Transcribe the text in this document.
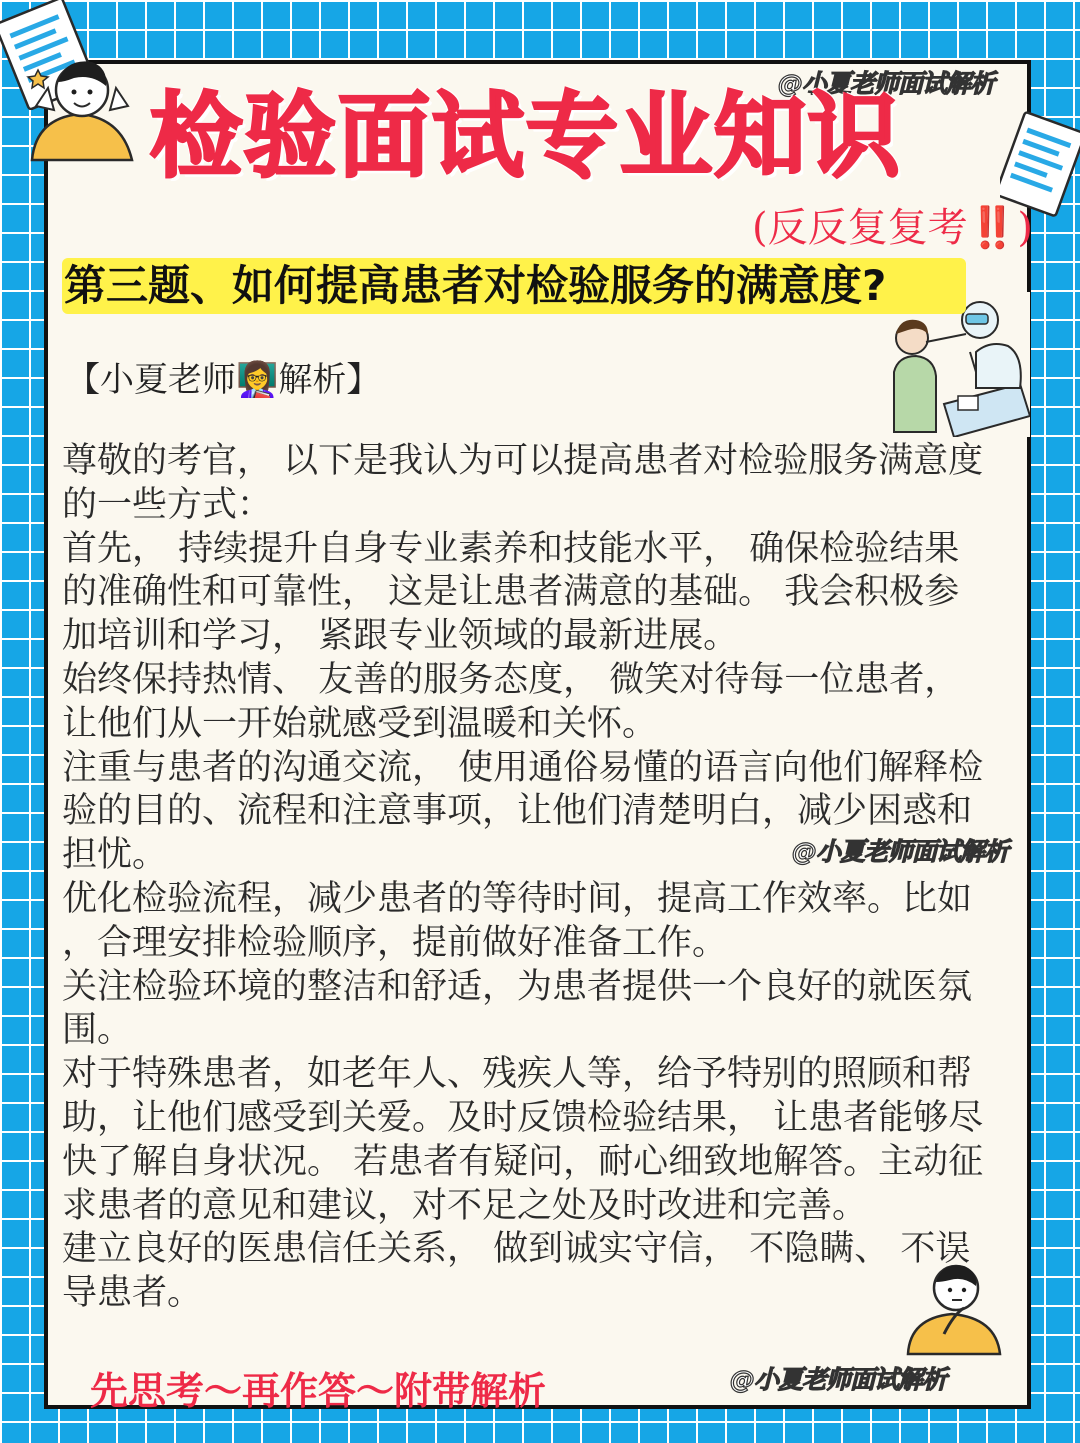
@小夏老师面试解析
@小夏老师面试解析
@小夏老师面试解析
检验面试专业知识
(反反复复考‼️)
第三题、如何提高患者对检验服务的满意度?
【小夏老师👩‍🏫解析】
尊敬的考官， 以下是我认为可以提高患者对检验服务满意度
的一些方式：
首先， 持续提升自身专业素养和技能水平， 确保检验结果
的准确性和可靠性， 这是让患者满意的基础。 我会积极参
加培训和学习， 紧跟专业领域的最新进展。
始终保持热情、 友善的服务态度， 微笑对待每一位患者，
让他们从一开始就感受到温暖和关怀。
注重与患者的沟通交流， 使用通俗易懂的语言向他们解释检
验的目的、流程和注意事项，让他们清楚明白，减少困惑和
担忧。
优化检验流程，减少患者的等待时间，提高工作效率。比如
，合理安排检验顺序，提前做好准备工作。
关注检验环境的整洁和舒适，为患者提供一个良好的就医氛
围。
对于特殊患者，如老年人、残疾人等，给予特别的照顾和帮
助，让他们感受到关爱。及时反馈检验结果， 让患者能够尽
快了解自身状况。 若患者有疑问，耐心细致地解答。主动征
求患者的意见和建议，对不足之处及时改进和完善。
建立良好的医患信任关系， 做到诚实守信， 不隐瞒、 不误
导患者。
先思考～再作答～附带解析
